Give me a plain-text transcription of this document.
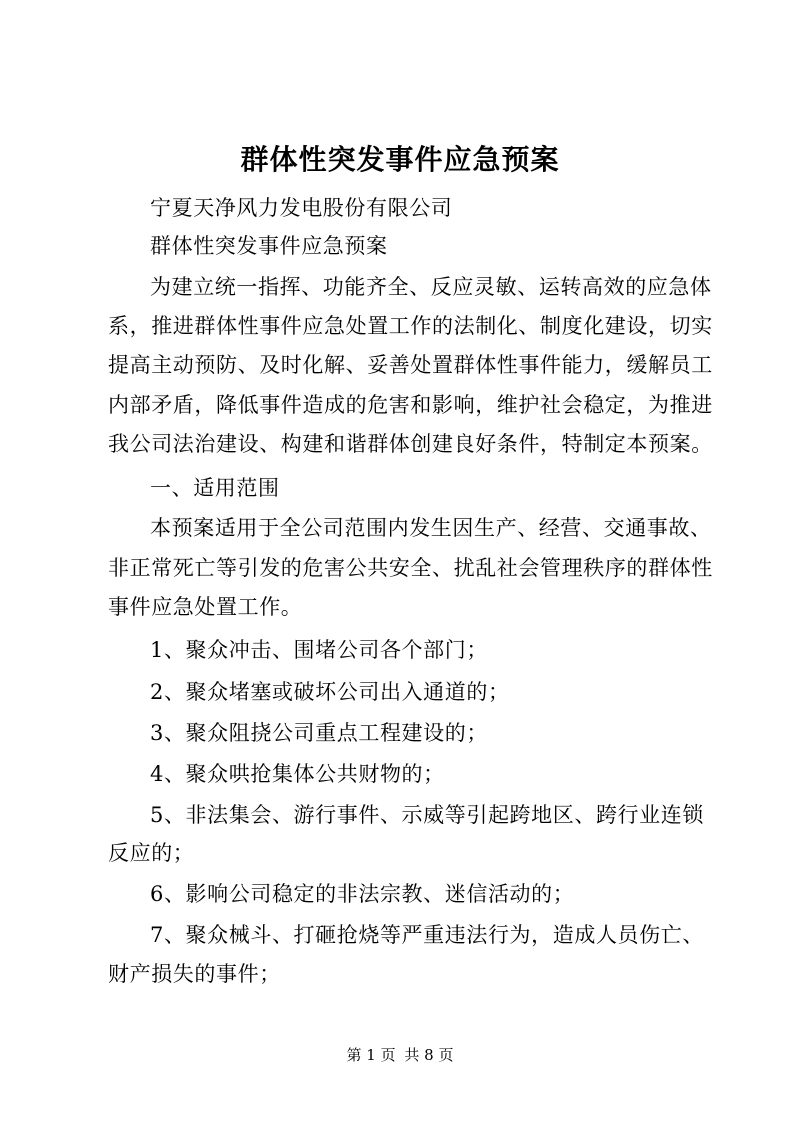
群体性突发事件应急预案
宁夏天净风力发电股份有限公司
群体性突发事件应急预案
为建立统一指挥、功能齐全、反应灵敏、运转高效的应急体
系，推进群体性事件应急处置工作的法制化、制度化建设，切实
提高主动预防、及时化解、妥善处置群体性事件能力，缓解员工
内部矛盾，降低事件造成的危害和影响，维护社会稳定，为推进
我公司法治建设、构建和谐群体创建良好条件，特制定本预案。
一、适用范围
本预案适用于全公司范围内发生因生产、经营、交通事故、
非正常死亡等引发的危害公共安全、扰乱社会管理秩序的群体性
事件应急处置工作。
1、聚众冲击、围堵公司各个部门；
2、聚众堵塞或破坏公司出入通道的；
3、聚众阻挠公司重点工程建设的；
4、聚众哄抢集体公共财物的；
5、非法集会、游行事件、示威等引起跨地区、跨行业连锁
反应的；
6、影响公司稳定的非法宗教、迷信活动的；
7、聚众械斗、打砸抢烧等严重违法行为，造成人员伤亡、
财产损失的事件；
第 1 页 共 8 页
